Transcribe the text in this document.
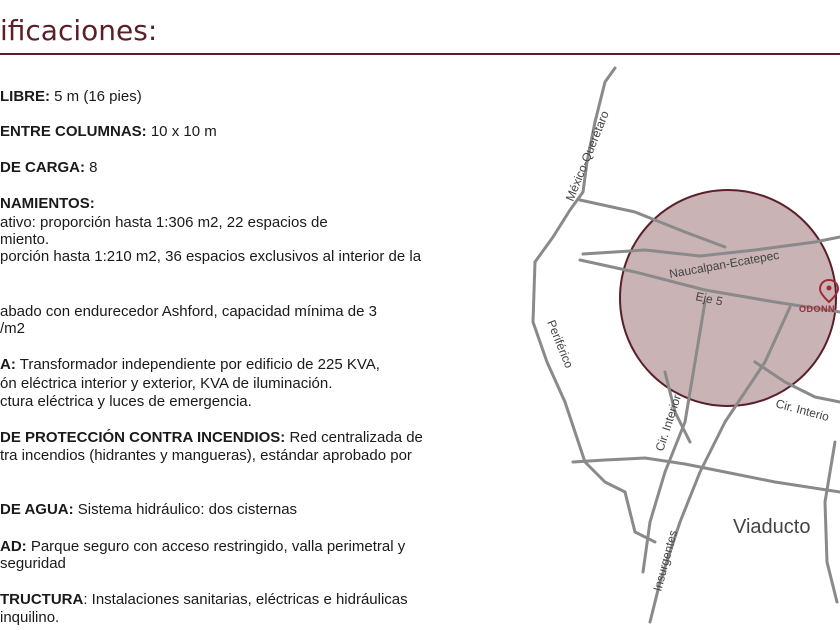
ificaciones:
LIBRE: 5 m (16 pies)
ENTRE COLUMNAS: 10 x 10 m
DE CARGA: 8
NAMIENTOS:
ativo: proporción hasta 1:306 m2, 22 espacios de
miento.
porción hasta 1:210 m2, 36 espacios exclusivos al interior de la
abado con endurecedor Ashford, capacidad mínima de 3
/m2
A: Transformador independiente por edificio de 225 KVA,
ón eléctrica interior y exterior, KVA de iluminación.
ctura eléctrica y luces de emergencia.
DE PROTECCIÓN CONTRA INCENDIOS: Red centralizada de
tra incendios (hidrantes y mangueras), estándar aprobado por
DE AGUA: Sistema hidráulico: dos cisternas
AD: Parque seguro con acceso restringido, valla perimetral y
seguridad
TRUCTURA: Instalaciones sanitarias, eléctricas e hidráulicas
inquilino.
México-Querétaro
Naucalpan-Ecatepec
Eje 5
Periférico
Cir. Interior	Cir. Interio
Viaducto
Insurgentes
ODONN
